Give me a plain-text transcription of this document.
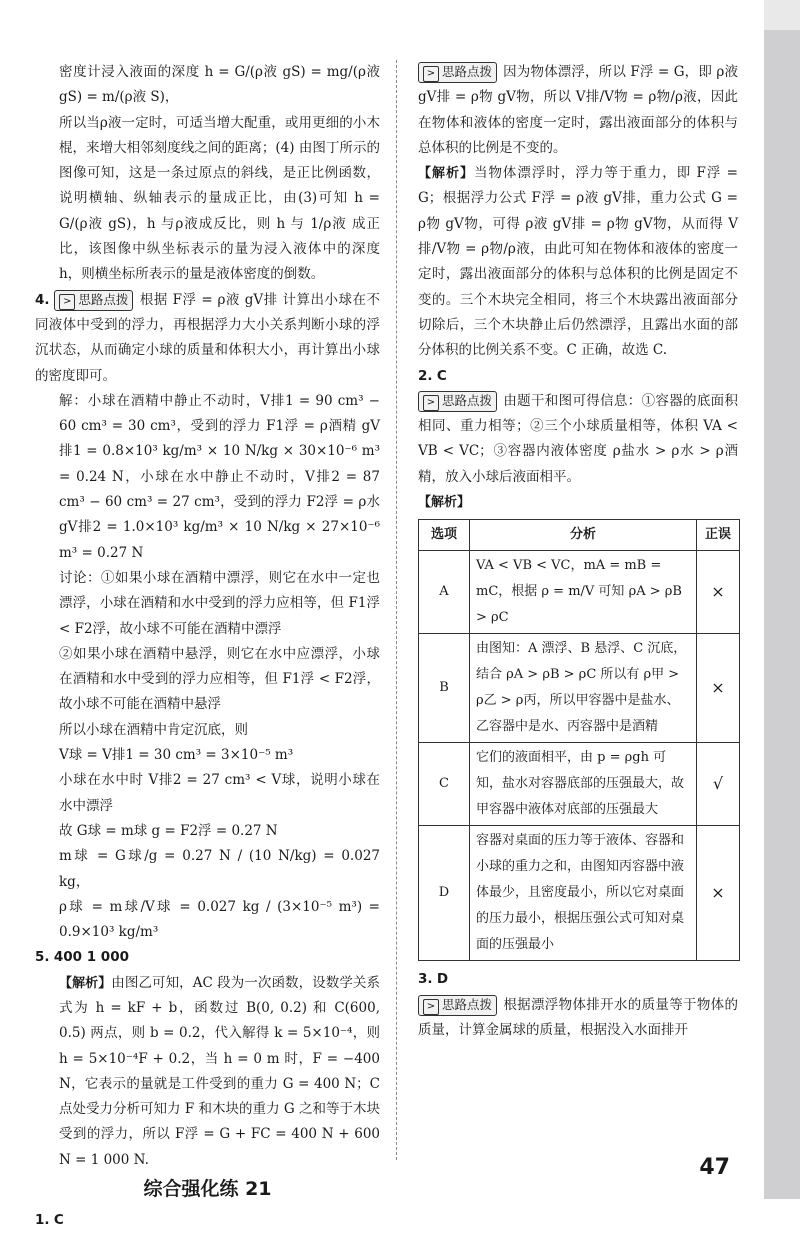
密度计浸入液面的深度 h = G/(ρ液 gS) = mg/(ρ液 gS) = m/(ρ液 S)，

所以当ρ液一定时，可适当增大配重，或用更细的小木棍，来增大相邻刻度线之间的距离；(4) 由图丁所示的图像可知，这是一条过原点的斜线，是正比例函数，说明横轴、纵轴表示的量成正比，由(3)可知 h = G/(ρ液 gS)，h 与ρ液成反比，则 h 与 1/ρ液 成正比，该图像中纵坐标表示的量为浸入液体中的深度 h，则横坐标所表示的量是液体密度的倒数。

4. > 思路点拨 根据 F浮 = ρ液 gV排 计算出小球在不同液体中受到的浮力，再根据浮力大小关系判断小球的浮沉状态，从而确定小球的质量和体积大小，再计算出小球的密度即可。

解：小球在酒精中静止不动时，V排1 = 90 cm³ − 60 cm³ = 30 cm³，受到的浮力 F1浮 = ρ酒精 gV排1 = 0.8×10³ kg/m³ × 10 N/kg × 30×10⁻⁶ m³ = 0.24 N，小球在水中静止不动时，V排2 = 87 cm³ − 60 cm³ = 27 cm³，受到的浮力 F2浮 = ρ水 gV排2 = 1.0×10³ kg/m³ × 10 N/kg × 27×10⁻⁶ m³ = 0.27 N

讨论：①如果小球在酒精中漂浮，则它在水中一定也漂浮，小球在酒精和水中受到的浮力应相等，但 F1浮 < F2浮，故小球不可能在酒精中漂浮

②如果小球在酒精中悬浮，则它在水中应漂浮，小球在酒精和水中受到的浮力应相等，但 F1浮 < F2浮，故小球不可能在酒精中悬浮

所以小球在酒精中肯定沉底，则

V球 = V排1 = 30 cm³ = 3×10⁻⁵ m³

小球在水中时 V排2 = 27 cm³ < V球，说明小球在水中漂浮

故 G球 = m球 g = F2浮 = 0.27 N

m球 = G球/g = 0.27 N / (10 N/kg) = 0.027 kg，

ρ球 = m球/V球 = 0.027 kg / (3×10⁻⁵ m³) = 0.9×10³ kg/m³

5. 400 1 000

【解析】由图乙可知，AC 段为一次函数，设数学关系式为 h = kF + b，函数过 B(0, 0.2) 和 C(600, 0.5) 两点，则 b = 0.2，代入解得 k = 5×10⁻⁴，则 h = 5×10⁻⁴F + 0.2，当 h = 0 m 时，F = −400 N，它表示的量就是工件受到的重力 G = 400 N；C 点处受力分析可知力 F 和木块的重力 G 之和等于木块受到的浮力，所以 F浮 = G + FC = 400 N + 600 N = 1 000 N.

综合强化练 21

1. C

> 思路点拨 因为物体漂浮，所以 F浮 = G，即 ρ液 gV排 = ρ物 gV物，所以 V排/V物 = ρ物/ρ液，因此在物体和液体的密度一定时，露出液面部分的体积与总体积的比例是不变的。

【解析】当物体漂浮时，浮力等于重力，即 F浮 = G；根据浮力公式 F浮 = ρ液 gV排，重力公式 G = ρ物 gV物，可得 ρ液 gV排 = ρ物 gV物，从而得 V排/V物 = ρ物/ρ液，由此可知在物体和液体的密度一定时，露出液面部分的体积与总体积的比例是固定不变的。三个木块完全相同，将三个木块露出液面部分切除后，三个木块静止后仍然漂浮，且露出水面的部分体积的比例关系不变。C 正确，故选 C.

2. C

> 思路点拨 由题干和图可得信息：①容器的底面积相同、重力相等；②三个小球质量相等，体积 VA < VB < VC；③容器内液体密度 ρ盐水 > ρ水 > ρ酒精，放入小球后液面相平。

【解析】

选项	分析	正误
A	VA < VB < VC，mA = mB = mC，根据 ρ = m/V 可知 ρA > ρB > ρC	×
B	由图知：A 漂浮、B 悬浮、C 沉底，结合 ρA > ρB > ρC 所以有 ρ甲 > ρ乙 > ρ丙，所以甲容器中是盐水、乙容器中是水、丙容器中是酒精	×
C	它们的液面相平，由 p = ρgh 可知，盐水对容器底部的压强最大，故甲容器中液体对底部的压强最大	√
D	容器对桌面的压力等于液体、容器和小球的重力之和，由图知丙容器中液体最少，且密度最小，所以它对桌面的压力最小，根据压强公式可知对桌面的压强最小	×

3. D

> 思路点拨 根据漂浮物体排开水的质量等于物体的质量，计算金属球的质量，根据没入水面排开

47
